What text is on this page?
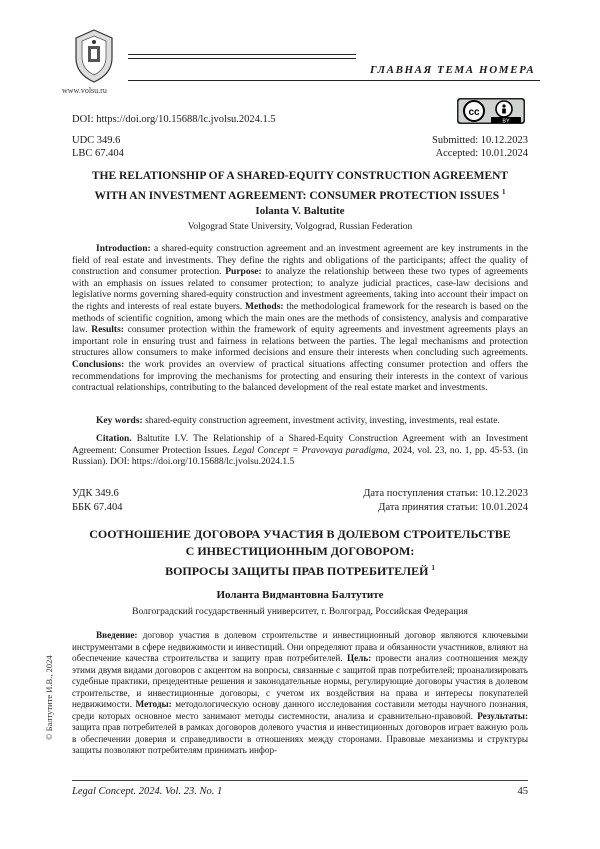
www.volsu.ru
ГЛАВНАЯ ТЕМА НОМЕРА
cc
BY
DOI: https://doi.org/10.15688/lc.jvolsu.2024.1.5
UDC 349.6
LBC 67.404
Submitted: 10.12.2023
Accepted: 10.01.2024
THE RELATIONSHIP OF A SHARED-EQUITY CONSTRUCTION AGREEMENT
WITH AN INVESTMENT AGREEMENT: CONSUMER PROTECTION ISSUES $^1$
Iolanta V. Baltutite
Volgograd State University, Volgograd, Russian Federation
Introduction: a shared-equity construction agreement and an investment agreement are key instruments in the field of real estate and investments. They define the rights and obligations of the participants; affect the quality of construction and consumer protection. Purpose: to analyze the relationship between these two types of agreements with an emphasis on issues related to consumer protection; to analyze judicial practices, case-law decisions and legislative norms governing shared-equity construction and investment agreements, taking into account their impact on the rights and interests of real estate buyers. Methods: the methodological framework for the research is based on the methods of scientific cognition, among which the main ones are the methods of consistency, analysis and comparative law. Results: consumer protection within the framework of equity agreements and investment agreements plays an important role in ensuring trust and fairness in relations between the parties. The legal mechanisms and protection structures allow consumers to make informed decisions and ensure their interests when concluding such agreements. Conclusions: the work provides an overview of practical situations affecting consumer protection and offers the recommendations for improving the mechanisms for protecting and ensuring their interests in the context of various contractual relationships, contributing to the balanced development of the real estate market and investments.
Key words: shared-equity construction agreement, investment activity, investing, investments, real estate.
Citation. Baltutite I.V. The Relationship of a Shared-Equity Construction Agreement with an Investment Agreement: Consumer Protection Issues. Legal Concept = Pravovaya paradigma, 2024, vol. 23, no. 1, pp. 45-53. (in Russian). DOI: https://doi.org/10.15688/lc.jvolsu.2024.1.5
УДК 349.6
ББК 67.404
Дата поступления статьи: 10.12.2023
Дата принятия статьи: 10.01.2024
СООТНОШЕНИЕ ДОГОВОРА УЧАСТИЯ В ДОЛЕВОМ СТРОИТЕЛЬСТВЕ
С ИНВЕСТИЦИОННЫМ ДОГОВОРОМ:
ВОПРОСЫ ЗАЩИТЫ ПРАВ ПОТРЕБИТЕЛЕЙ $^1$
Иоланта Видмантовна Балтутите
Волгоградский государственный университет, г. Волгоград, Российская Федерация
Введение: договор участия в долевом строительстве и инвестиционный договор являются ключевыми инструментами в сфере недвижимости и инвестиций. Они определяют права и обязанности участников, влияют на обеспечение качества строительства и защиту прав потребителей. Цель: провести анализ соотношения между этими двумя видами договоров с акцентом на вопросы, связанные с защитой прав потребителей; проанализировать судебные практики, прецедентные решения и законодательные нормы, регулирующие договоры участия в долевом строительстве, и инвестиционные договоры, с учетом их воздействия на права и интересы покупателей недвижимости. Методы: методологическую основу данного исследования составили методы научного познания, среди которых основное место занимают методы системности, анализа и сравнительно-правовой. Результаты: защита прав потребителей в рамках договоров долевого участия и инвестиционных договоров играет важную роль в обеспечении доверия и справедливости в отношениях между сторонами. Правовые механизмы и структуры защиты позволяют потребителям принимать инфор-
© Балтутите И.В., 2024
Legal Concept. 2024. Vol. 23. No. 1	45
